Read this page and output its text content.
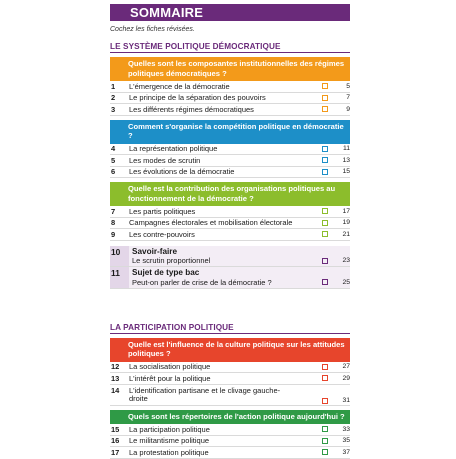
SOMMAIRE
Cochez les fiches révisées.
LE SYSTÈME POLITIQUE DÉMOCRATIQUE
Quelles sont les composantes institutionnelles des régimes politiques démocratiques ?
1	L'émergence de la démocratie	5
2	Le principe de la séparation des pouvoirs	7
3	Les différents régimes démocratiques	9
Comment s'organise la compétition politique en démocratie ?
4	La représentation politique	11
5	Les modes de scrutin	13
6	Les évolutions de la démocratie	15
Quelle est la contribution des organisations politiques au fonctionnement de la démocratie ?
7	Les partis politiques	17
8	Campagnes électorales et mobilisation électorale	19
9	Les contre-pouvoirs	21
10	Savoir-faire
Le scrutin proportionnel	23
11	Sujet de type bac
Peut-on parler de crise de la démocratie ?	25
LA PARTICIPATION POLITIQUE
Quelle est l'influence de la culture politique sur les attitudes politiques ?
12	La socialisation politique	27
13	L'intérêt pour la politique	29
14	L'identification partisane et le clivage gauche-droite	31
Quels sont les répertoires de l'action politique aujourd'hui ?
15	La participation politique	33
16	Le militantisme politique	35
17	La protestation politique	37
